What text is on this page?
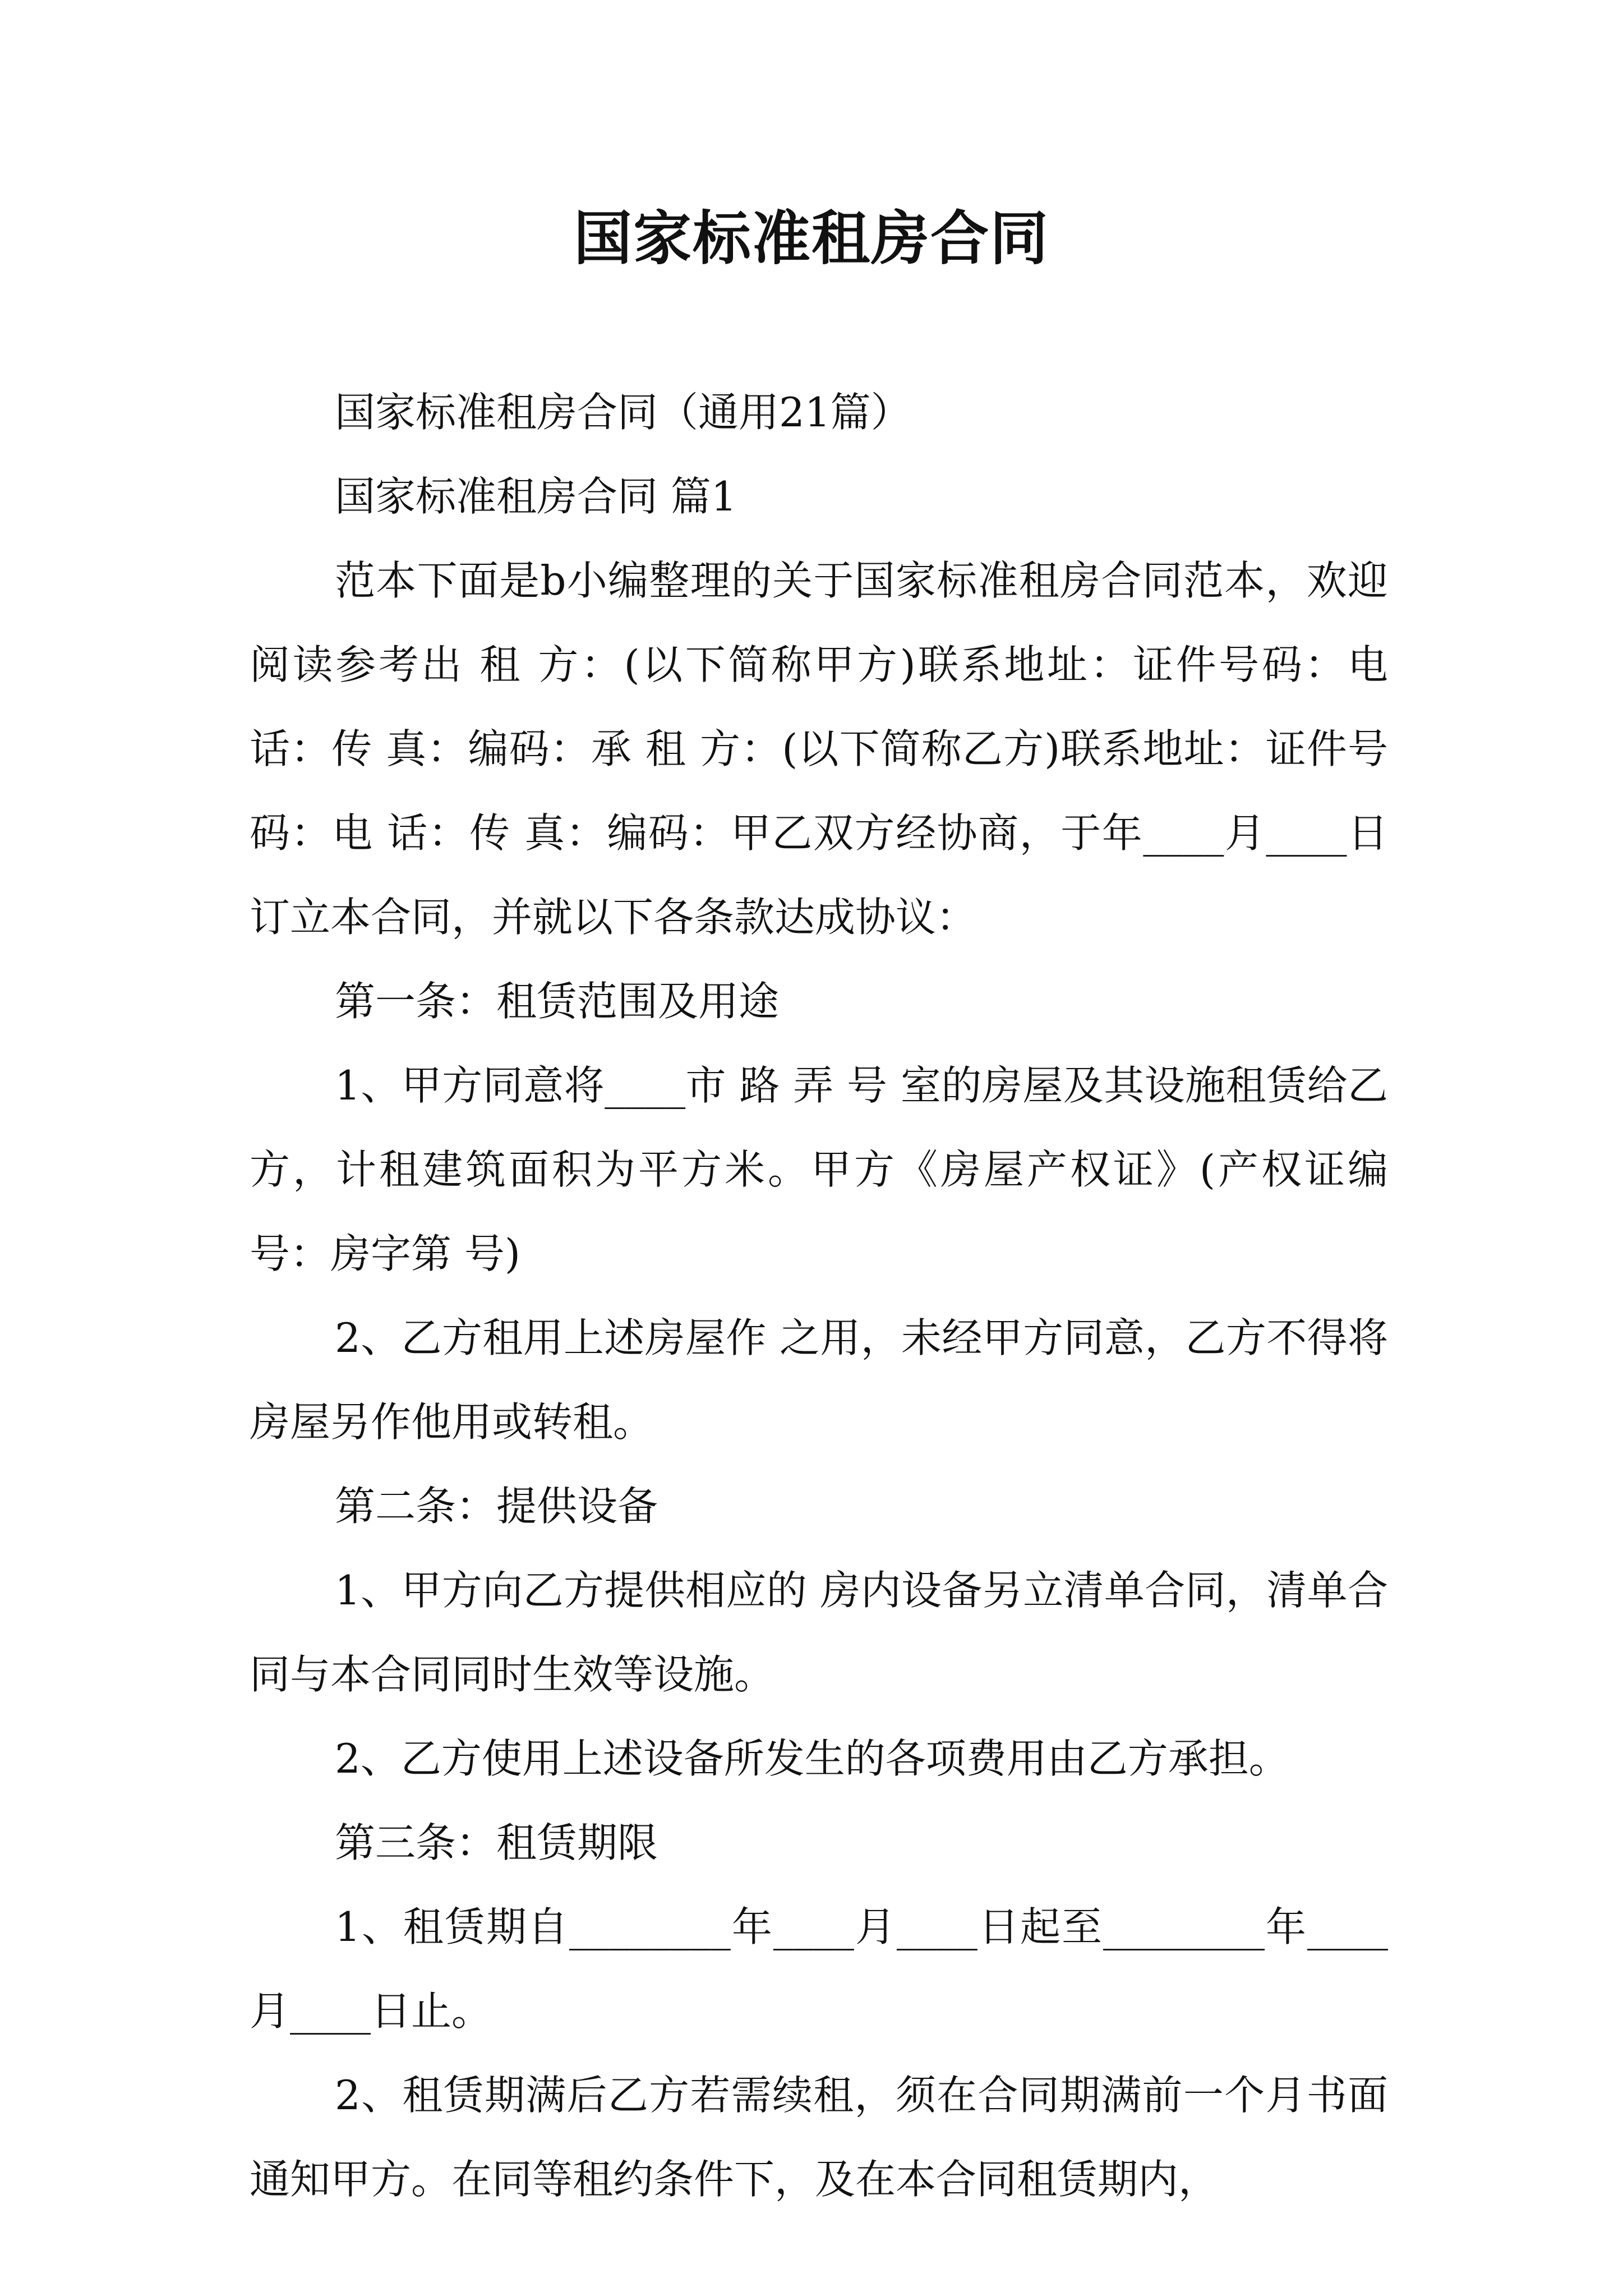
国家标准租房合同

国家标准租房合同（通用21篇）

国家标准租房合同 篇1

范本下面是b小编整理的关于国家标准租房合同范本，欢迎阅读参考出 租 方：(以下简称甲方)联系地址：证件号码：电 话：传 真：编码：承 租 方：(以下简称乙方)联系地址：证件号码：电 话：传 真：编码：甲乙双方经协商，于年____月____日订立本合同，并就以下各条款达成协议：

第一条：租赁范围及用途

1、甲方同意将____市 路 弄 号 室的房屋及其设施租赁给乙方，计租建筑面积为平方米。甲方《房屋产权证》(产权证编号：房字第 号)

2、乙方租用上述房屋作 之用，未经甲方同意，乙方不得将房屋另作他用或转租。

第二条：提供设备

1、甲方向乙方提供相应的 房内设备另立清单合同，清单合同与本合同同时生效等设施。

2、乙方使用上述设备所发生的各项费用由乙方承担。

第三条：租赁期限

1、租赁期自________年____月____日起至________年____月____日止。

2、租赁期满后乙方若需续租，须在合同期满前一个月书面通知甲方。在同等租约条件下，及在本合同租赁期内，
